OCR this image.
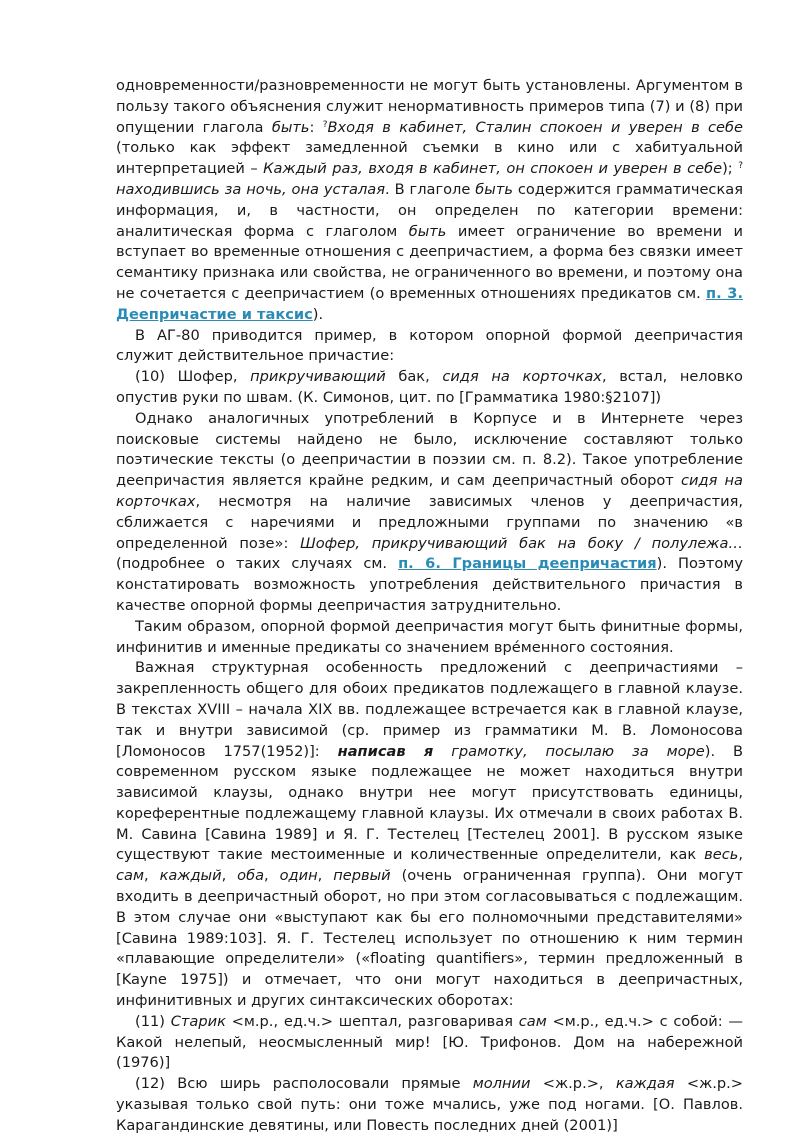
одновременности/разновременности не могут быть установлены. Аргументом в пользу такого объяснения служит ненормативность примеров типа (7) и (8) при опущении глагола быть: ?Входя в кабинет, Сталин спокоен и уверен в себе (только как эффект замедленной съемки в кино или с хабитуальной интерпретацией – Каждый раз, входя в кабинет, он спокоен и уверен в себе); ?находившись за ночь, она усталая. В глаголе быть содержится грамматическая информация, и, в частности, он определен по категории времени: аналитическая форма с глаголом быть имеет ограничение во времени и вступает во временные отношения с деепричастием, а форма без связки имеет семантику признака или свойства, не ограниченного во времени, и поэтому она не сочетается с деепричастием (о временных отношениях предикатов см. п. 3. Деепричастие и таксис).

В АГ-80 приводится пример, в котором опорной формой деепричастия служит действительное причастие:

(10) Шофер, прикручивающий бак, сидя на корточках, встал, неловко опустив руки по швам. (К. Симонов, цит. по [Грамматика 1980:§2107])

Однако аналогичных употреблений в Корпусе и в Интернете через поисковые системы найдено не было, исключение составляют только поэтические тексты (о деепричастии в поэзии см. п. 8.2). Такое употребление деепричастия является крайне редким, и сам деепричастный оборот сидя на корточках, несмотря на наличие зависимых членов у деепричастия, сближается с наречиями и предложными группами по значению «в определенной позе»: Шофер, прикручивающий бак на боку / полулежа… (подробнее о таких случаях см. п. 6. Границы деепричастия). Поэтому констатировать возможность употребления действительного причастия в качестве опорной формы деепричастия затруднительно.

Таким образом, опорной формой деепричастия могут быть финитные формы, инфинитив и именные предикаты со значением вре́менного состояния.

Важная структурная особенность предложений с деепричастиями – закрепленность общего для обоих предикатов подлежащего в главной клаузе. В текстах XVIII – начала XIX вв. подлежащее встречается как в главной клаузе, так и внутри зависимой (ср. пример из грамматики М. В. Ломоносова [Ломоносов 1757(1952)]: написав я грамотку, посылаю за море). В современном русском языке подлежащее не может находиться внутри зависимой клаузы, однако внутри нее могут присутствовать единицы, кореферентные подлежащему главной клаузы. Их отмечали в своих работах В. М. Савина [Савина 1989] и Я. Г. Тестелец [Тестелец 2001]. В русском языке существуют такие местоименные и количественные определители, как весь, сам, каждый, оба, один, первый (очень ограниченная группа). Они могут входить в деепричастный оборот, но при этом согласовываться с подлежащим. В этом случае они «выступают как бы его полномочными представителями» [Савина 1989:103]. Я. Г. Тестелец использует по отношению к ним термин «плавающие определители» («floating quantifiers», термин предложенный в [Kayne 1975]) и отмечает, что они могут находиться в деепричастных, инфинитивных и других синтаксических оборотах:

(11) Старик <м.р., ед.ч.> шептал, разговаривая сам <м.р., ед.ч.> с собой: — Какой нелепый, неосмысленный мир! [Ю. Трифонов. Дом на набережной (1976)]

(12) Всю ширь располосовали прямые молнии <ж.р.>, каждая <ж.р.> указывая только свой путь: они тоже мчались, уже под ногами. [О. Павлов. Карагандинские девятины, или Повесть последних дней (2001)]
